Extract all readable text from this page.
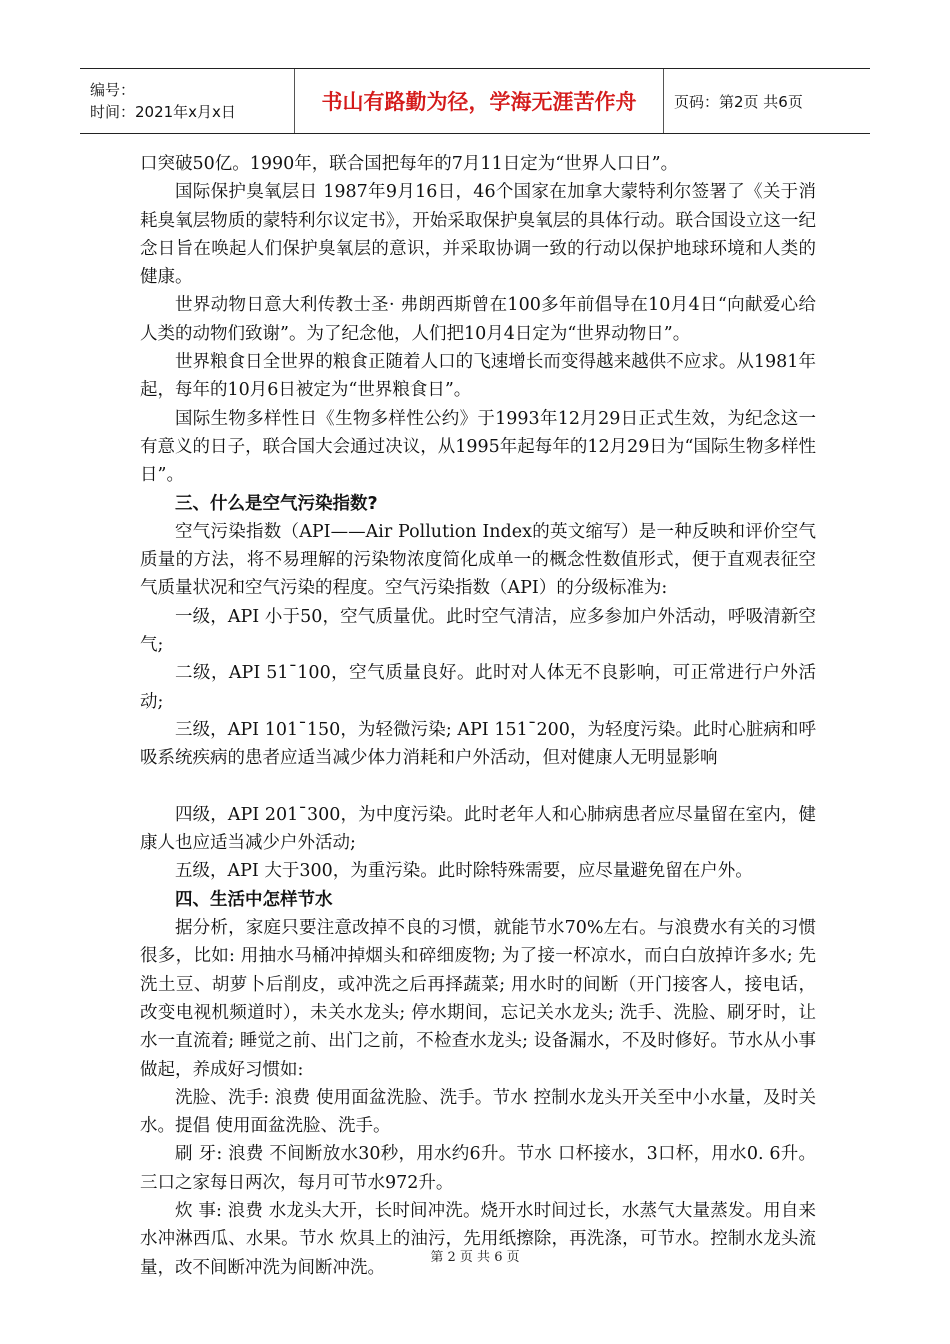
编号：
时间：2021年x月x日	书山有路勤为径，学海无涯苦作舟	页码：第2页 共6页

口突破50亿。1990年，联合国把每年的7月11日定为“世界人口日”。

国际保护臭氧层日 1987年9月16日，46个国家在加拿大蒙特利尔签署了《关于消耗臭氧层物质的蒙特利尔议定书》，开始采取保护臭氧层的具体行动。联合国设立这一纪念日旨在唤起人们保护臭氧层的意识，并采取协调一致的行动以保护地球环境和人类的健康。

世界动物日意大利传教士圣· 弗朗西斯曾在100多年前倡导在10月4日“向献爱心给人类的动物们致谢”。为了纪念他，人们把10月4日定为“世界动物日”。

世界粮食日全世界的粮食正随着人口的飞速增长而变得越来越供不应求。从1981年起，每年的10月6日被定为“世界粮食日”。

国际生物多样性日《生物多样性公约》于1993年12月29日正式生效，为纪念这一有意义的日子，联合国大会通过决议，从1995年起每年的12月29日为“国际生物多样性日”。

三、什么是空气污染指数?

空气污染指数（API——Air Pollution Index的英文缩写）是一种反映和评价空气质量的方法，将不易理解的污染物浓度简化成单一的概念性数值形式，便于直观表征空气质量状况和空气污染的程度。空气污染指数（API）的分级标准为:

一级，API 小于50，空气质量优。此时空气清洁，应多参加户外活动，呼吸清新空气;

二级，API 51¯100，空气质量良好。此时对人体无不良影响，可正常进行户外活动;

三级，API 101¯150，为轻微污染; API 151¯200，为轻度污染。此时心脏病和呼吸系统疾病的患者应适当减少体力消耗和户外活动，但对健康人无明显影响

四级，API 201¯300，为中度污染。此时老年人和心肺病患者应尽量留在室内，健康人也应适当减少户外活动;

五级，API 大于300，为重污染。此时除特殊需要，应尽量避免留在户外。

四、生活中怎样节水

据分析，家庭只要注意改掉不良的习惯，就能节水70%左右。与浪费水有关的习惯很多，比如: 用抽水马桶冲掉烟头和碎细废物; 为了接一杯凉水，而白白放掉许多水; 先洗土豆、胡萝卜后削皮，或冲洗之后再择蔬菜; 用水时的间断（开门接客人，接电话，改变电视机频道时），未关水龙头; 停水期间，忘记关水龙头; 洗手、洗脸、刷牙时，让水一直流着; 睡觉之前、出门之前，不检查水龙头; 设备漏水，不及时修好。节水从小事做起，养成好习惯如:

洗脸、洗手: 浪费 使用面盆洗脸、洗手。节水 控制水龙头开关至中小水量，及时关水。提倡 使用面盆洗脸、洗手。

刷 牙: 浪费 不间断放水30秒，用水约6升。节水 口杯接水，3口杯，用水0. 6升。三口之家每日两次，每月可节水972升。

炊 事: 浪费 水龙头大开，长时间冲洗。烧开水时间过长，水蒸气大量蒸发。用自来水冲淋西瓜、水果。节水 炊具上的油污，先用纸擦除，再洗涤，可节水。控制水龙头流量，改不间断冲洗为间断冲洗。

第 2 页 共 6 页
